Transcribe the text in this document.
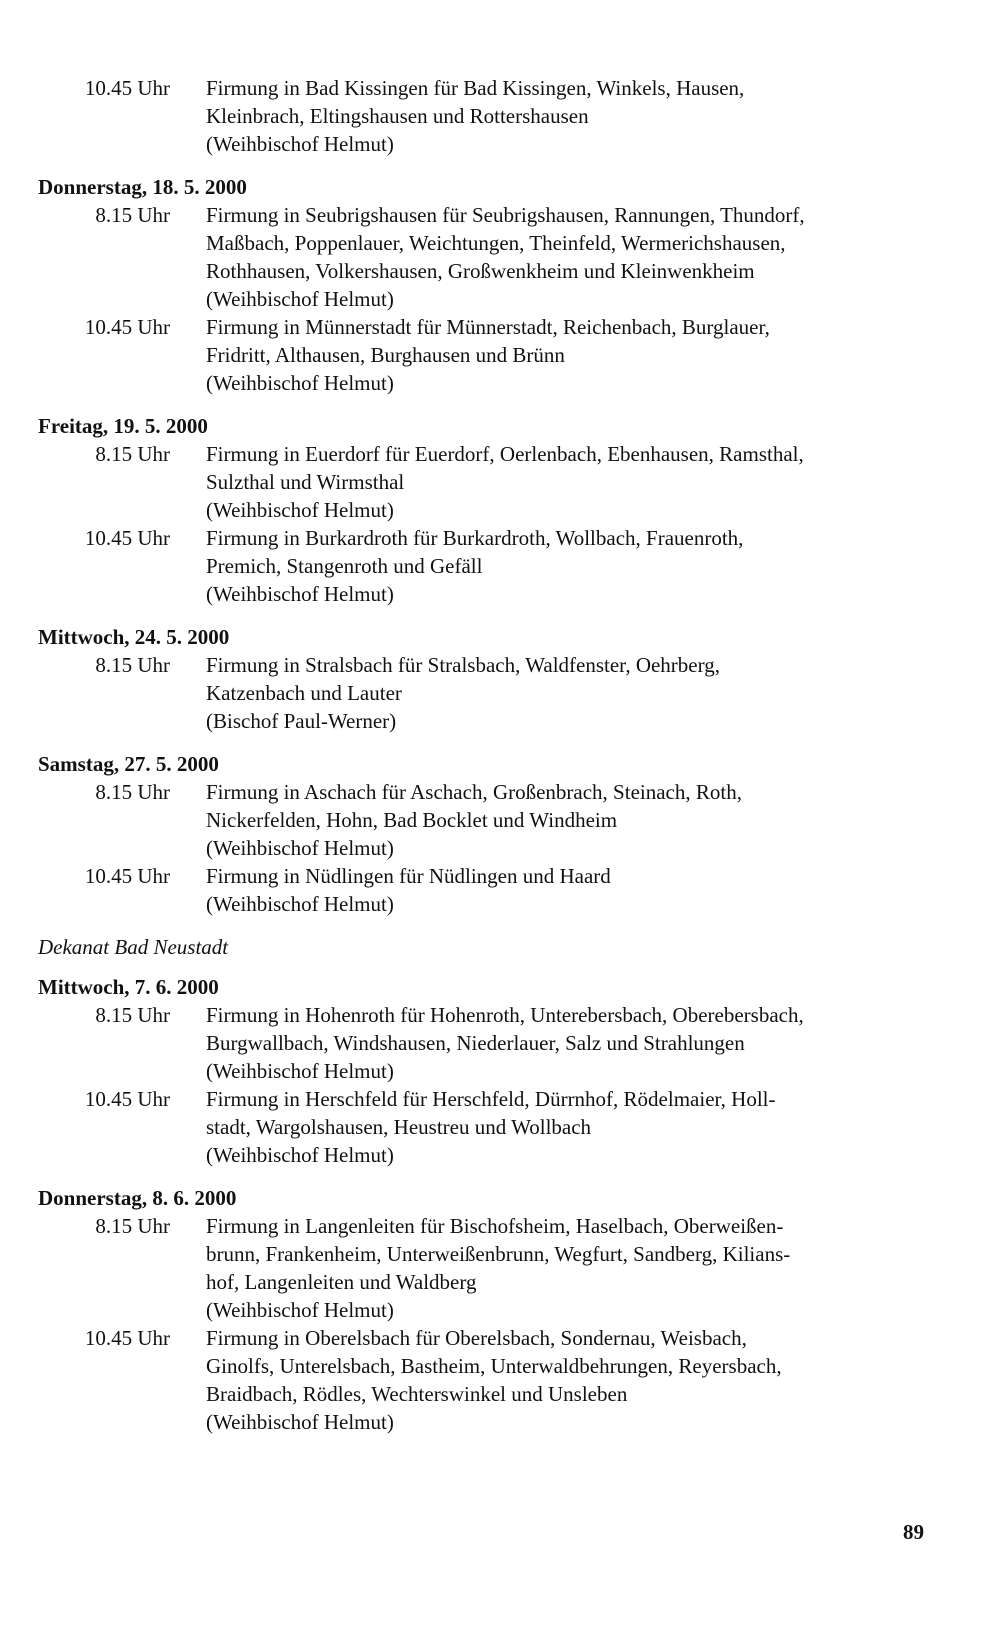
10.45 Uhr Firmung in Bad Kissingen für Bad Kissingen, Winkels, Hausen,
Kleinbrach, Eltingshausen und Rottershausen
(Weihbischof Helmut)
Donnerstag, 18. 5. 2000
8.15 Uhr Firmung in Seubrigshausen für Seubrigshausen, Rannungen, Thundorf,
Maßbach, Poppenlauer, Weichtungen, Theinfeld, Wermerichshausen,
Rothhausen, Volkershausen, Großwenkheim und Kleinwenkheim
(Weihbischof Helmut)
10.45 Uhr Firmung in Münnerstadt für Münnerstadt, Reichenbach, Burglauer,
Fridritt, Althausen, Burghausen und Brünn
(Weihbischof Helmut)
Freitag, 19. 5. 2000
8.15 Uhr Firmung in Euerdorf für Euerdorf, Oerlenbach, Ebenhausen, Ramsthal,
Sulzthal und Wirmsthal
(Weihbischof Helmut)
10.45 Uhr Firmung in Burkardroth für Burkardroth, Wollbach, Frauenroth,
Premich, Stangenroth und Gefäll
(Weihbischof Helmut)
Mittwoch, 24. 5. 2000
8.15 Uhr Firmung in Stralsbach für Stralsbach, Waldfenster, Oehrberg,
Katzenbach und Lauter
(Bischof Paul-Werner)
Samstag, 27. 5. 2000
8.15 Uhr Firmung in Aschach für Aschach, Großenbrach, Steinach, Roth,
Nickerfelden, Hohn, Bad Bocklet und Windheim
(Weihbischof Helmut)
10.45 Uhr Firmung in Nüdlingen für Nüdlingen und Haard
(Weihbischof Helmut)
Dekanat Bad Neustadt
Mittwoch, 7. 6. 2000
8.15 Uhr Firmung in Hohenroth für Hohenroth, Unterebersbach, Oberebersbach,
Burgwallbach, Windshausen, Niederlauer, Salz und Strahlungen
(Weihbischof Helmut)
10.45 Uhr Firmung in Herschfeld für Herschfeld, Dürrnhof, Rödelmaier, Holl-
stadt, Wargolshausen, Heustreu und Wollbach
(Weihbischof Helmut)
Donnerstag, 8. 6. 2000
8.15 Uhr Firmung in Langenleiten für Bischofsheim, Haselbach, Oberweißen-
brunn, Frankenheim, Unterweißenbrunn, Wegfurt, Sandberg, Kilians-
hof, Langenleiten und Waldberg
(Weihbischof Helmut)
10.45 Uhr Firmung in Oberelsbach für Oberelsbach, Sondernau, Weisbach,
Ginolfs, Unterelsbach, Bastheim, Unterwaldbehrungen, Reyersbach,
Braidbach, Rödles, Wechterswinkel und Unsleben
(Weihbischof Helmut)
89
